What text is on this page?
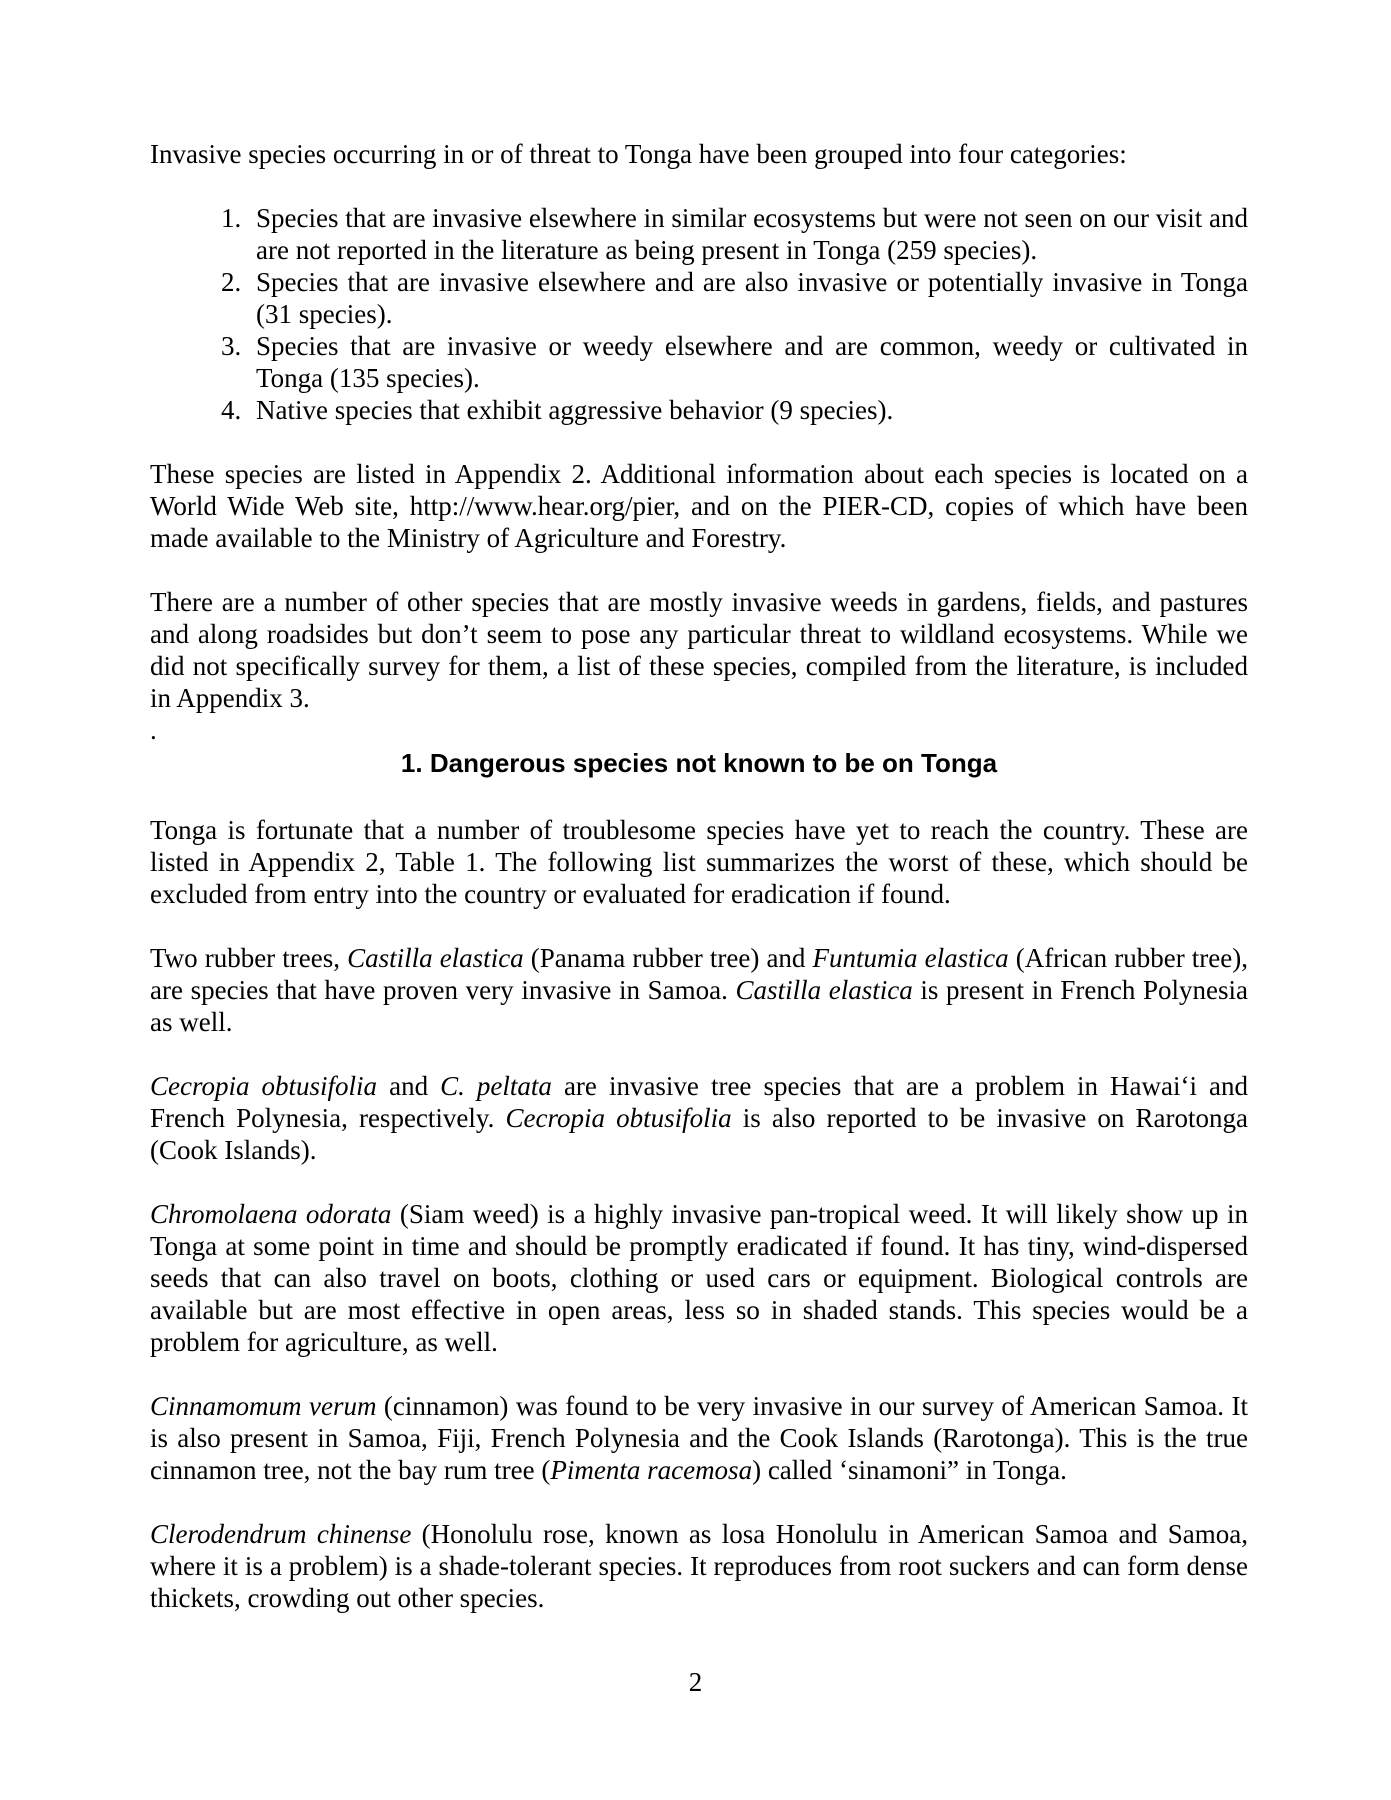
Invasive species occurring in or of threat to Tonga have been grouped into four categories:

1. Species that are invasive elsewhere in similar ecosystems but were not seen on our visit and are not reported in the literature as being present in Tonga (259 species).
2. Species that are invasive elsewhere and are also invasive or potentially invasive in Tonga (31 species).
3. Species that are invasive or weedy elsewhere and are common, weedy or cultivated in Tonga (135 species).
4. Native species that exhibit aggressive behavior (9 species).

These species are listed in Appendix 2. Additional information about each species is located on a World Wide Web site, http://www.hear.org/pier, and on the PIER-CD, copies of which have been made available to the Ministry of Agriculture and Forestry.

There are a number of other species that are mostly invasive weeds in gardens, fields, and pastures and along roadsides but don’t seem to pose any particular threat to wildland ecosystems. While we did not specifically survey for them, a list of these species, compiled from the literature, is included in Appendix 3.

.

1. Dangerous species not known to be on Tonga

Tonga is fortunate that a number of troublesome species have yet to reach the country. These are listed in Appendix 2, Table 1. The following list summarizes the worst of these, which should be excluded from entry into the country or evaluated for eradication if found.

Two rubber trees, Castilla elastica (Panama rubber tree) and Funtumia elastica (African rubber tree), are species that have proven very invasive in Samoa. Castilla elastica is present in French Polynesia as well.

Cecropia obtusifolia and C. peltata are invasive tree species that are a problem in Hawai‘i and French Polynesia, respectively. Cecropia obtusifolia is also reported to be invasive on Rarotonga (Cook Islands).

Chromolaena odorata (Siam weed) is a highly invasive pan-tropical weed. It will likely show up in Tonga at some point in time and should be promptly eradicated if found. It has tiny, wind-dispersed seeds that can also travel on boots, clothing or used cars or equipment. Biological controls are available but are most effective in open areas, less so in shaded stands. This species would be a problem for agriculture, as well.

Cinnamomum verum (cinnamon) was found to be very invasive in our survey of American Samoa. It is also present in Samoa, Fiji, French Polynesia and the Cook Islands (Rarotonga). This is the true cinnamon tree, not the bay rum tree (Pimenta racemosa) called ‘sinamoni” in Tonga.

Clerodendrum chinense (Honolulu rose, known as losa Honolulu in American Samoa and Samoa, where it is a problem) is a shade-tolerant species. It reproduces from root suckers and can form dense thickets, crowding out other species.

2
